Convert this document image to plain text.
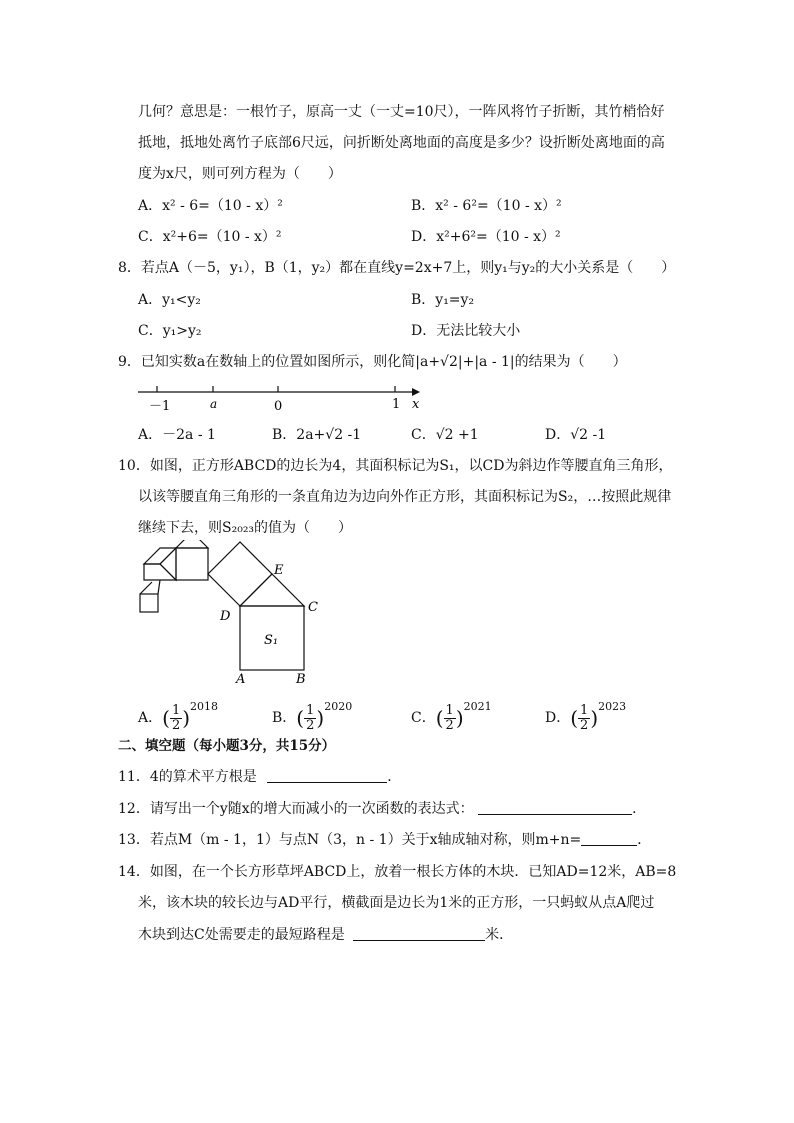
几何？意思是：一根竹子，原高一丈（一丈=10尺），一阵风将竹子折断，其竹梢恰好
抵地，抵地处离竹子底部6尺远，问折断处离地面的高度是多少？设折断处离地面的高
度为x尺，则可列方程为（　　）
A．x² - 6=（10 - x）²	B．x² - 6²=（10 - x）²
C．x²+6=（10 - x）²	D．x²+6²=（10 - x）²
8．若点A（－5，y₁），B（1，y₂）都在直线y=2x+7上，则y₁与y₂的大小关系是（　　）
A．y₁<y₂	B．y₁=y₂
C．y₁>y₂	D．无法比较大小
9．已知实数a在数轴上的位置如图所示，则化简|a+√2|+|a - 1|的结果为（　　）
－1	a	0	1 x
A．－2a - 1	B．2a+√2 -1	C．√2 +1	D．√2 -1
10．如图，正方形ABCD的边长为4，其面积标记为S₁，以CD为斜边作等腰直角三角形，
以该等腰直角三角形的一条直角边为边向外作正方形，其面积标记为S₂，…按照此规律
继续下去，则S₂₀₂₃的值为（　　）
E
C
D
S₁
A	B
A．( $\frac{1}{2} )^{2018}$
B．( $\frac{1}{2} )^{2020}$
C．( $\frac{1}{2} )^{2021}$
D．( $\frac{1}{2} )^{2023}$
二、填空题（每小题3分，共15分）
11．4的算术平方根是	．
12．请写出一个y随x的增大而减小的一次函数的表达式：	．
13．若点M（m - 1，1）与点N（3，n - 1）关于x轴成轴对称，则m+n=	．
14．如图，在一个长方形草坪ABCD上，放着一根长方体的木块．已知AD=12米，AB=8
米，该木块的较长边与AD平行，横截面是边长为1米的正方形，一只蚂蚁从点A爬过
木块到达C处需要走的最短路程是	米．
